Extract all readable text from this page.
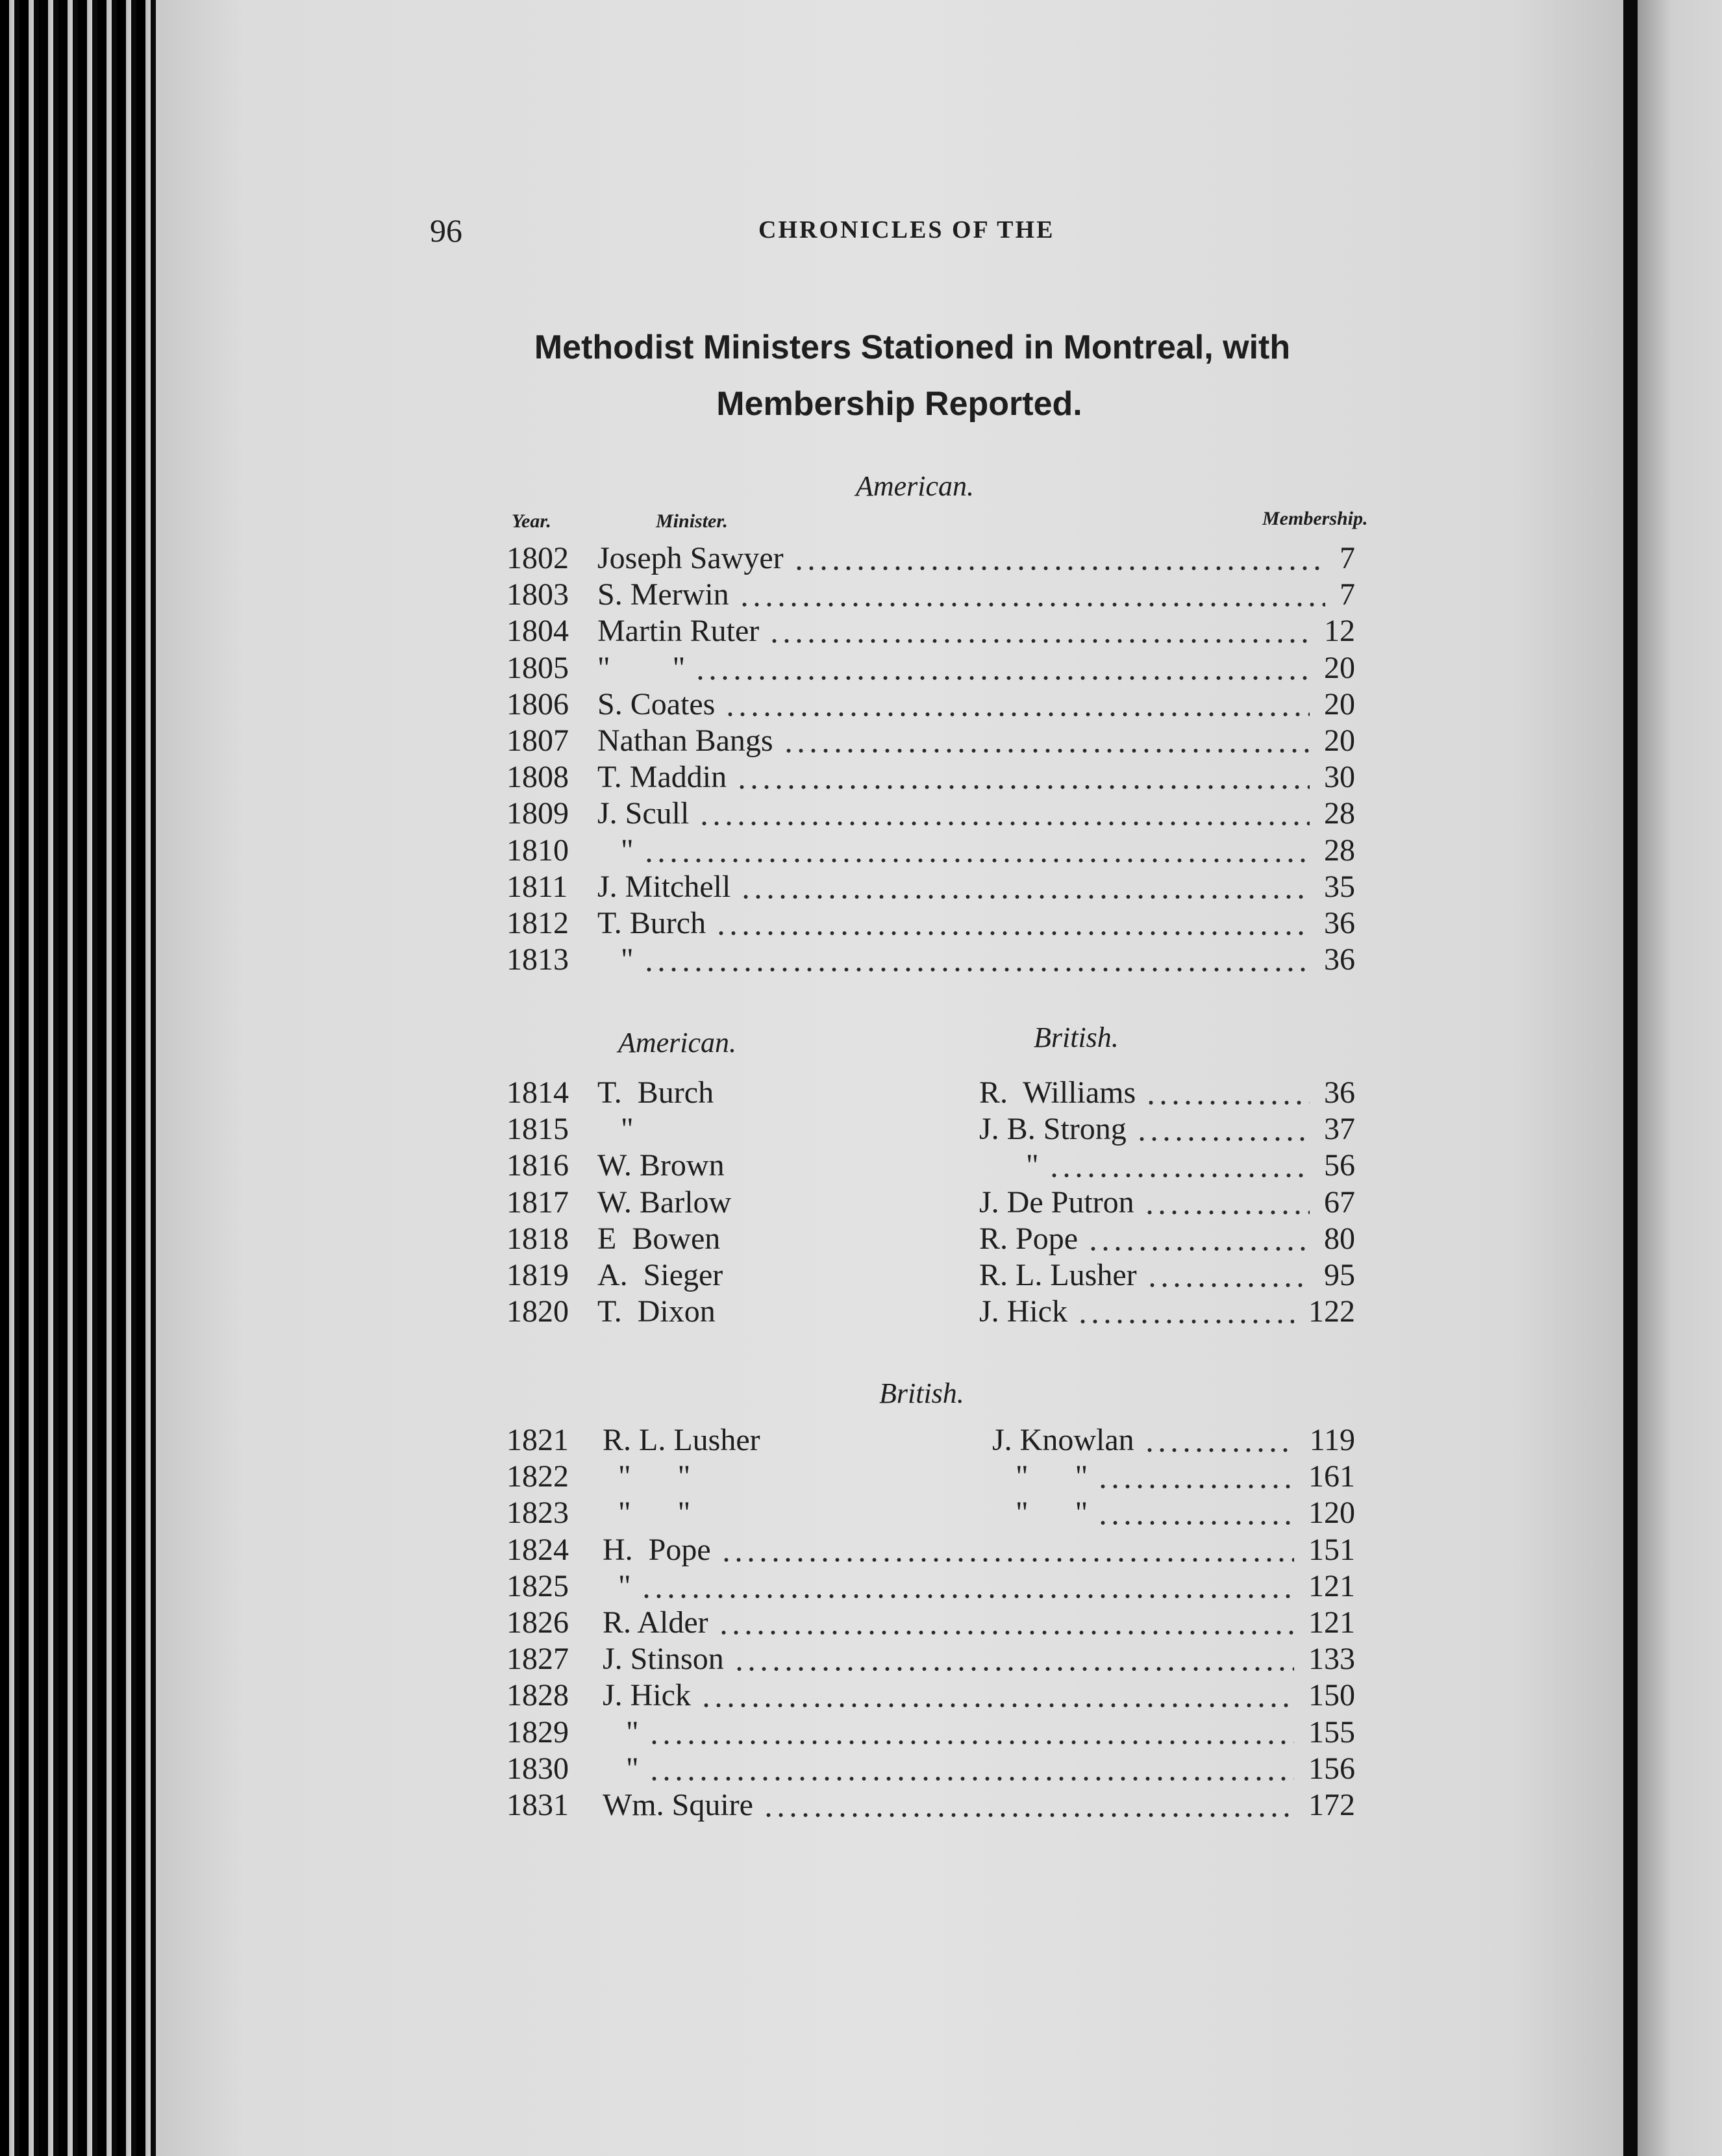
96	CHRONICLES OF THE
Methodist Ministers Stationed in Montreal, with
Membership Reported.
American.
Year.	Minister.	Membership.
1802 Joseph Sawyer	7
1803 S. Merwin	7
1804 Martin Ruter	12
1805 "        "	20
1806 S. Coates	20
1807 Nathan Bangs	20
1808 T. Maddin	30
1809 J. Scull	28
1810 "	28
1811 J. Mitchell	35
1812 T. Burch	36
1813 "	36
American.	British.
1814 T.  Burch	R.  Williams	36
1815 "	J. B. Strong	37
1816 W. Brown	"	56
1817 W. Barlow	J. De Putron	67
1818 E  Bowen	R. Pope	80
1819 A.  Sieger	R. L. Lusher	95
1820 T.  Dixon	J. Hick	122
British.
1821 R. L. Lusher	J. Knowlan	119
1822 "      "	"      "	161
1823 "      "	"      "	120
1824 H.  Pope	151
1825 "	121
1826 R. Alder	121
1827 J. Stinson	133
1828 J. Hick	150
1829 "	155
1830 "	156
1831 Wm. Squire	172
